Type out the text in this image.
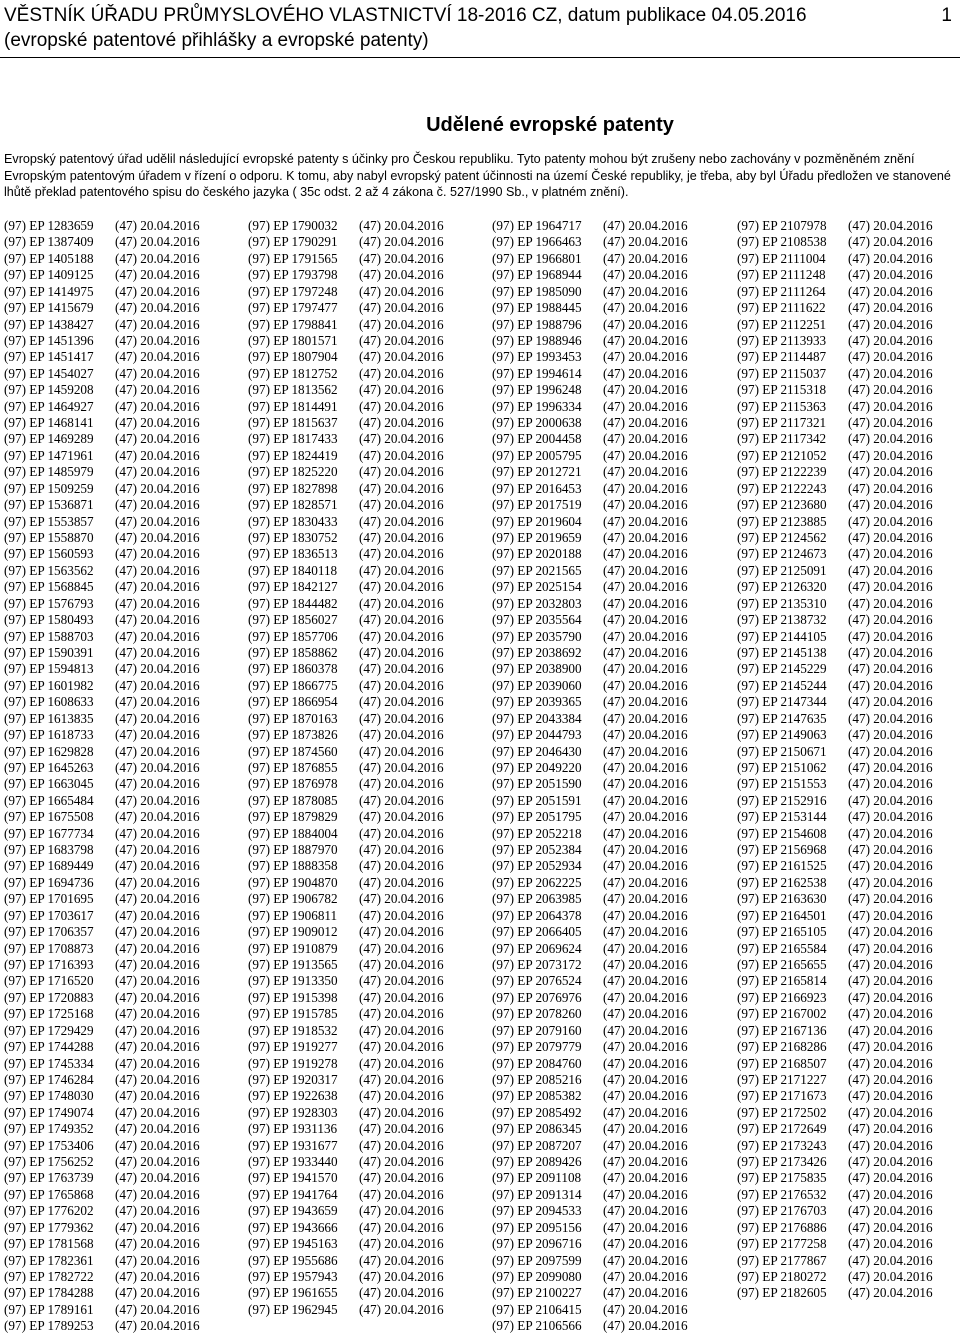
VĚSTNÍK ÚŘADU PRŮMYSLOVÉHO VLASTNICTVÍ 18-2016 CZ, datum publikace 04.05.2016
(evropské patentové přihlášky a evropské patenty)
1
Udělené evropské patenty
Evropský patentový úřad udělil následující evropské patenty s účinky pro Českou republiku. Tyto patenty mohou být zrušeny nebo zachovány v pozměněném znění Evropským patentovým úřadem v řízení o odporu. K tomu, aby nabyl evropský patent účinnosti na území České republiky, je třeba, aby byl Úřadu předložen ve stanovené lhůtě překlad patentového spisu do českého jazyka ( 35c odst. 2 až 4 zákona č. 527/1990 Sb., v platném znění).
(97) EP 1283659 (47) 20.04.2016
(97) EP 1387409 (47) 20.04.2016
(97) EP 1405188 (47) 20.04.2016
(97) EP 1409125 (47) 20.04.2016
(97) EP 1414975 (47) 20.04.2016
(97) EP 1415679 (47) 20.04.2016
(97) EP 1438427 (47) 20.04.2016
(97) EP 1451396 (47) 20.04.2016
(97) EP 1451417 (47) 20.04.2016
(97) EP 1454027 (47) 20.04.2016
(97) EP 1459208 (47) 20.04.2016
(97) EP 1464927 (47) 20.04.2016
(97) EP 1468141 (47) 20.04.2016
(97) EP 1469289 (47) 20.04.2016
(97) EP 1471961 (47) 20.04.2016
(97) EP 1485979 (47) 20.04.2016
(97) EP 1509259 (47) 20.04.2016
(97) EP 1536871 (47) 20.04.2016
(97) EP 1553857 (47) 20.04.2016
(97) EP 1558870 (47) 20.04.2016
(97) EP 1560593 (47) 20.04.2016
(97) EP 1563562 (47) 20.04.2016
(97) EP 1568845 (47) 20.04.2016
(97) EP 1576793 (47) 20.04.2016
(97) EP 1580493 (47) 20.04.2016
(97) EP 1588703 (47) 20.04.2016
(97) EP 1590391 (47) 20.04.2016
(97) EP 1594813 (47) 20.04.2016
(97) EP 1601982 (47) 20.04.2016
(97) EP 1608633 (47) 20.04.2016
(97) EP 1613835 (47) 20.04.2016
(97) EP 1618733 (47) 20.04.2016
(97) EP 1629828 (47) 20.04.2016
(97) EP 1645263 (47) 20.04.2016
(97) EP 1663045 (47) 20.04.2016
(97) EP 1665484 (47) 20.04.2016
(97) EP 1675508 (47) 20.04.2016
(97) EP 1677734 (47) 20.04.2016
(97) EP 1683798 (47) 20.04.2016
(97) EP 1689449 (47) 20.04.2016
(97) EP 1694736 (47) 20.04.2016
(97) EP 1701695 (47) 20.04.2016
(97) EP 1703617 (47) 20.04.2016
(97) EP 1706357 (47) 20.04.2016
(97) EP 1708873 (47) 20.04.2016
(97) EP 1716393 (47) 20.04.2016
(97) EP 1716520 (47) 20.04.2016
(97) EP 1720883 (47) 20.04.2016
(97) EP 1725168 (47) 20.04.2016
(97) EP 1729429 (47) 20.04.2016
(97) EP 1744288 (47) 20.04.2016
(97) EP 1745334 (47) 20.04.2016
(97) EP 1746284 (47) 20.04.2016
(97) EP 1748030 (47) 20.04.2016
(97) EP 1749074 (47) 20.04.2016
(97) EP 1749352 (47) 20.04.2016
(97) EP 1753406 (47) 20.04.2016
(97) EP 1756252 (47) 20.04.2016
(97) EP 1763739 (47) 20.04.2016
(97) EP 1765868 (47) 20.04.2016
(97) EP 1776202 (47) 20.04.2016
(97) EP 1779362 (47) 20.04.2016
(97) EP 1781568 (47) 20.04.2016
(97) EP 1782361 (47) 20.04.2016
(97) EP 1782722 (47) 20.04.2016
(97) EP 1784288 (47) 20.04.2016
(97) EP 1789161 (47) 20.04.2016
(97) EP 1789253 (47) 20.04.2016
(97) EP 1790032 (47) 20.04.2016
(97) EP 1790291 (47) 20.04.2016
(97) EP 1791565 (47) 20.04.2016
(97) EP 1793798 (47) 20.04.2016
(97) EP 1797248 (47) 20.04.2016
(97) EP 1797477 (47) 20.04.2016
(97) EP 1798841 (47) 20.04.2016
(97) EP 1801571 (47) 20.04.2016
(97) EP 1807904 (47) 20.04.2016
(97) EP 1812752 (47) 20.04.2016
(97) EP 1813562 (47) 20.04.2016
(97) EP 1814491 (47) 20.04.2016
(97) EP 1815637 (47) 20.04.2016
(97) EP 1817433 (47) 20.04.2016
(97) EP 1824419 (47) 20.04.2016
(97) EP 1825220 (47) 20.04.2016
(97) EP 1827898 (47) 20.04.2016
(97) EP 1828571 (47) 20.04.2016
(97) EP 1830433 (47) 20.04.2016
(97) EP 1830752 (47) 20.04.2016
(97) EP 1836513 (47) 20.04.2016
(97) EP 1840118 (47) 20.04.2016
(97) EP 1842127 (47) 20.04.2016
(97) EP 1844482 (47) 20.04.2016
(97) EP 1856027 (47) 20.04.2016
(97) EP 1857706 (47) 20.04.2016
(97) EP 1858862 (47) 20.04.2016
(97) EP 1860378 (47) 20.04.2016
(97) EP 1866775 (47) 20.04.2016
(97) EP 1866954 (47) 20.04.2016
(97) EP 1870163 (47) 20.04.2016
(97) EP 1873826 (47) 20.04.2016
(97) EP 1874560 (47) 20.04.2016
(97) EP 1876855 (47) 20.04.2016
(97) EP 1876978 (47) 20.04.2016
(97) EP 1878085 (47) 20.04.2016
(97) EP 1879829 (47) 20.04.2016
(97) EP 1884004 (47) 20.04.2016
(97) EP 1887970 (47) 20.04.2016
(97) EP 1888358 (47) 20.04.2016
(97) EP 1904870 (47) 20.04.2016
(97) EP 1906782 (47) 20.04.2016
(97) EP 1906811 (47) 20.04.2016
(97) EP 1909012 (47) 20.04.2016
(97) EP 1910879 (47) 20.04.2016
(97) EP 1913565 (47) 20.04.2016
(97) EP 1913350 (47) 20.04.2016
(97) EP 1915398 (47) 20.04.2016
(97) EP 1915785 (47) 20.04.2016
(97) EP 1918532 (47) 20.04.2016
(97) EP 1919277 (47) 20.04.2016
(97) EP 1919278 (47) 20.04.2016
(97) EP 1920317 (47) 20.04.2016
(97) EP 1922638 (47) 20.04.2016
(97) EP 1928303 (47) 20.04.2016
(97) EP 1931136 (47) 20.04.2016
(97) EP 1931677 (47) 20.04.2016
(97) EP 1933440 (47) 20.04.2016
(97) EP 1941570 (47) 20.04.2016
(97) EP 1941764 (47) 20.04.2016
(97) EP 1943659 (47) 20.04.2016
(97) EP 1943666 (47) 20.04.2016
(97) EP 1945163 (47) 20.04.2016
(97) EP 1955686 (47) 20.04.2016
(97) EP 1957943 (47) 20.04.2016
(97) EP 1961655 (47) 20.04.2016
(97) EP 1962945 (47) 20.04.2016
(97) EP 1964717 (47) 20.04.2016
(97) EP 1966463 (47) 20.04.2016
(97) EP 1966801 (47) 20.04.2016
(97) EP 1968944 (47) 20.04.2016
(97) EP 1985090 (47) 20.04.2016
(97) EP 1988445 (47) 20.04.2016
(97) EP 1988796 (47) 20.04.2016
(97) EP 1988946 (47) 20.04.2016
(97) EP 1993453 (47) 20.04.2016
(97) EP 1994614 (47) 20.04.2016
(97) EP 1996248 (47) 20.04.2016
(97) EP 1996334 (47) 20.04.2016
(97) EP 2000638 (47) 20.04.2016
(97) EP 2004458 (47) 20.04.2016
(97) EP 2005795 (47) 20.04.2016
(97) EP 2012721 (47) 20.04.2016
(97) EP 2016453 (47) 20.04.2016
(97) EP 2017519 (47) 20.04.2016
(97) EP 2019604 (47) 20.04.2016
(97) EP 2019659 (47) 20.04.2016
(97) EP 2020188 (47) 20.04.2016
(97) EP 2021565 (47) 20.04.2016
(97) EP 2025154 (47) 20.04.2016
(97) EP 2032803 (47) 20.04.2016
(97) EP 2035564 (47) 20.04.2016
(97) EP 2035790 (47) 20.04.2016
(97) EP 2038692 (47) 20.04.2016
(97) EP 2038900 (47) 20.04.2016
(97) EP 2039060 (47) 20.04.2016
(97) EP 2039365 (47) 20.04.2016
(97) EP 2043384 (47) 20.04.2016
(97) EP 2044793 (47) 20.04.2016
(97) EP 2046430 (47) 20.04.2016
(97) EP 2049220 (47) 20.04.2016
(97) EP 2051590 (47) 20.04.2016
(97) EP 2051591 (47) 20.04.2016
(97) EP 2051795 (47) 20.04.2016
(97) EP 2052218 (47) 20.04.2016
(97) EP 2052384 (47) 20.04.2016
(97) EP 2052934 (47) 20.04.2016
(97) EP 2062225 (47) 20.04.2016
(97) EP 2063985 (47) 20.04.2016
(97) EP 2064378 (47) 20.04.2016
(97) EP 2066405 (47) 20.04.2016
(97) EP 2069624 (47) 20.04.2016
(97) EP 2073172 (47) 20.04.2016
(97) EP 2076524 (47) 20.04.2016
(97) EP 2076976 (47) 20.04.2016
(97) EP 2078260 (47) 20.04.2016
(97) EP 2079160 (47) 20.04.2016
(97) EP 2079779 (47) 20.04.2016
(97) EP 2084760 (47) 20.04.2016
(97) EP 2085216 (47) 20.04.2016
(97) EP 2085382 (47) 20.04.2016
(97) EP 2085492 (47) 20.04.2016
(97) EP 2086345 (47) 20.04.2016
(97) EP 2087207 (47) 20.04.2016
(97) EP 2089426 (47) 20.04.2016
(97) EP 2091108 (47) 20.04.2016
(97) EP 2091314 (47) 20.04.2016
(97) EP 2094533 (47) 20.04.2016
(97) EP 2095156 (47) 20.04.2016
(97) EP 2096716 (47) 20.04.2016
(97) EP 2097599 (47) 20.04.2016
(97) EP 2099080 (47) 20.04.2016
(97) EP 2100227 (47) 20.04.2016
(97) EP 2106415 (47) 20.04.2016
(97) EP 2106566 (47) 20.04.2016
(97) EP 2107978 (47) 20.04.2016
(97) EP 2108538 (47) 20.04.2016
(97) EP 2111004 (47) 20.04.2016
(97) EP 2111248 (47) 20.04.2016
(97) EP 2111264 (47) 20.04.2016
(97) EP 2111622 (47) 20.04.2016
(97) EP 2112251 (47) 20.04.2016
(97) EP 2113933 (47) 20.04.2016
(97) EP 2114487 (47) 20.04.2016
(97) EP 2115037 (47) 20.04.2016
(97) EP 2115318 (47) 20.04.2016
(97) EP 2115363 (47) 20.04.2016
(97) EP 2117321 (47) 20.04.2016
(97) EP 2117342 (47) 20.04.2016
(97) EP 2121052 (47) 20.04.2016
(97) EP 2122239 (47) 20.04.2016
(97) EP 2122243 (47) 20.04.2016
(97) EP 2123680 (47) 20.04.2016
(97) EP 2123885 (47) 20.04.2016
(97) EP 2124562 (47) 20.04.2016
(97) EP 2124673 (47) 20.04.2016
(97) EP 2125091 (47) 20.04.2016
(97) EP 2126320 (47) 20.04.2016
(97) EP 2135310 (47) 20.04.2016
(97) EP 2138732 (47) 20.04.2016
(97) EP 2144105 (47) 20.04.2016
(97) EP 2145138 (47) 20.04.2016
(97) EP 2145229 (47) 20.04.2016
(97) EP 2145244 (47) 20.04.2016
(97) EP 2147344 (47) 20.04.2016
(97) EP 2147635 (47) 20.04.2016
(97) EP 2149063 (47) 20.04.2016
(97) EP 2150671 (47) 20.04.2016
(97) EP 2151062 (47) 20.04.2016
(97) EP 2151553 (47) 20.04.2016
(97) EP 2152916 (47) 20.04.2016
(97) EP 2153144 (47) 20.04.2016
(97) EP 2154608 (47) 20.04.2016
(97) EP 2156968 (47) 20.04.2016
(97) EP 2161525 (47) 20.04.2016
(97) EP 2162538 (47) 20.04.2016
(97) EP 2163630 (47) 20.04.2016
(97) EP 2164501 (47) 20.04.2016
(97) EP 2165105 (47) 20.04.2016
(97) EP 2165584 (47) 20.04.2016
(97) EP 2165655 (47) 20.04.2016
(97) EP 2165814 (47) 20.04.2016
(97) EP 2166923 (47) 20.04.2016
(97) EP 2167002 (47) 20.04.2016
(97) EP 2167136 (47) 20.04.2016
(97) EP 2168286 (47) 20.04.2016
(97) EP 2168507 (47) 20.04.2016
(97) EP 2171227 (47) 20.04.2016
(97) EP 2171673 (47) 20.04.2016
(97) EP 2172502 (47) 20.04.2016
(97) EP 2172649 (47) 20.04.2016
(97) EP 2173243 (47) 20.04.2016
(97) EP 2173426 (47) 20.04.2016
(97) EP 2175835 (47) 20.04.2016
(97) EP 2176532 (47) 20.04.2016
(97) EP 2176703 (47) 20.04.2016
(97) EP 2176886 (47) 20.04.2016
(97) EP 2177258 (47) 20.04.2016
(97) EP 2177867 (47) 20.04.2016
(97) EP 2180272 (47) 20.04.2016
(97) EP 2182605 (47) 20.04.2016
